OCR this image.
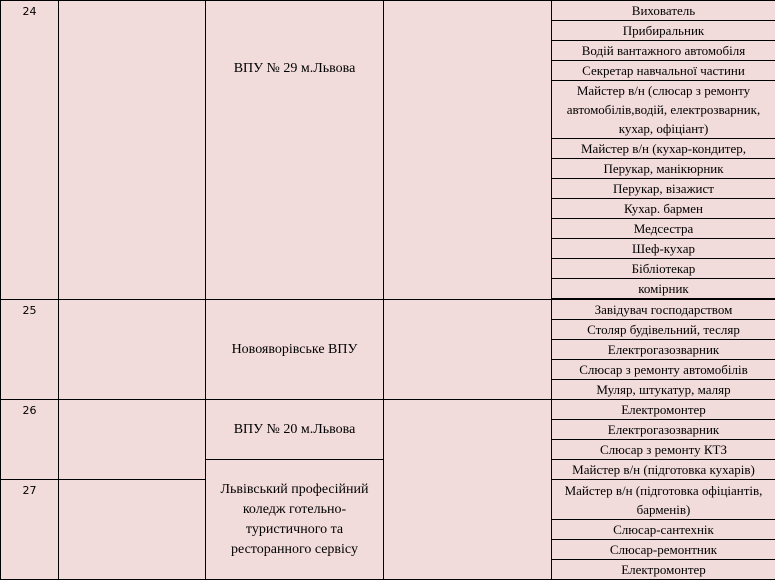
24		ВПУ № 29 м.Львова		Вихователь
				Прибиральник
				Водій вантажного автомобіля
				Секретар навчальної частини
				Майстер в/н (слюсар з ремонту автомобілів,водій, електрозварник, кухар, офіціант)
				Майстер в/н (кухар-кондитер,
				Перукар, манікюрник
				Перукар, візажист
				Кухар. бармен
				Медсестра
				Шеф-кухар
				Бібліотекар
				комірник

25		Новояворівське ВПУ		Завідувач господарством
				Столяр будівельний, тесляр
				Електрогазозварник
				Слюсар з ремонту автомобілів
				Муляр, штукатур, маляр
26		ВПУ № 20 м.Львова		Електромонтер
				Електрогазозварник
				Слюсар з ремонту КТЗ
		Львівський професійний коледж готельно-туристичного та ресторанного сервісу		Майстер в/н (підготовка кухарів)
27				Майстер в/н (підготовка офіціантів, барменів)
				Слюсар-сантехнік
				Слюсар-ремонтник
				Електромонтер
